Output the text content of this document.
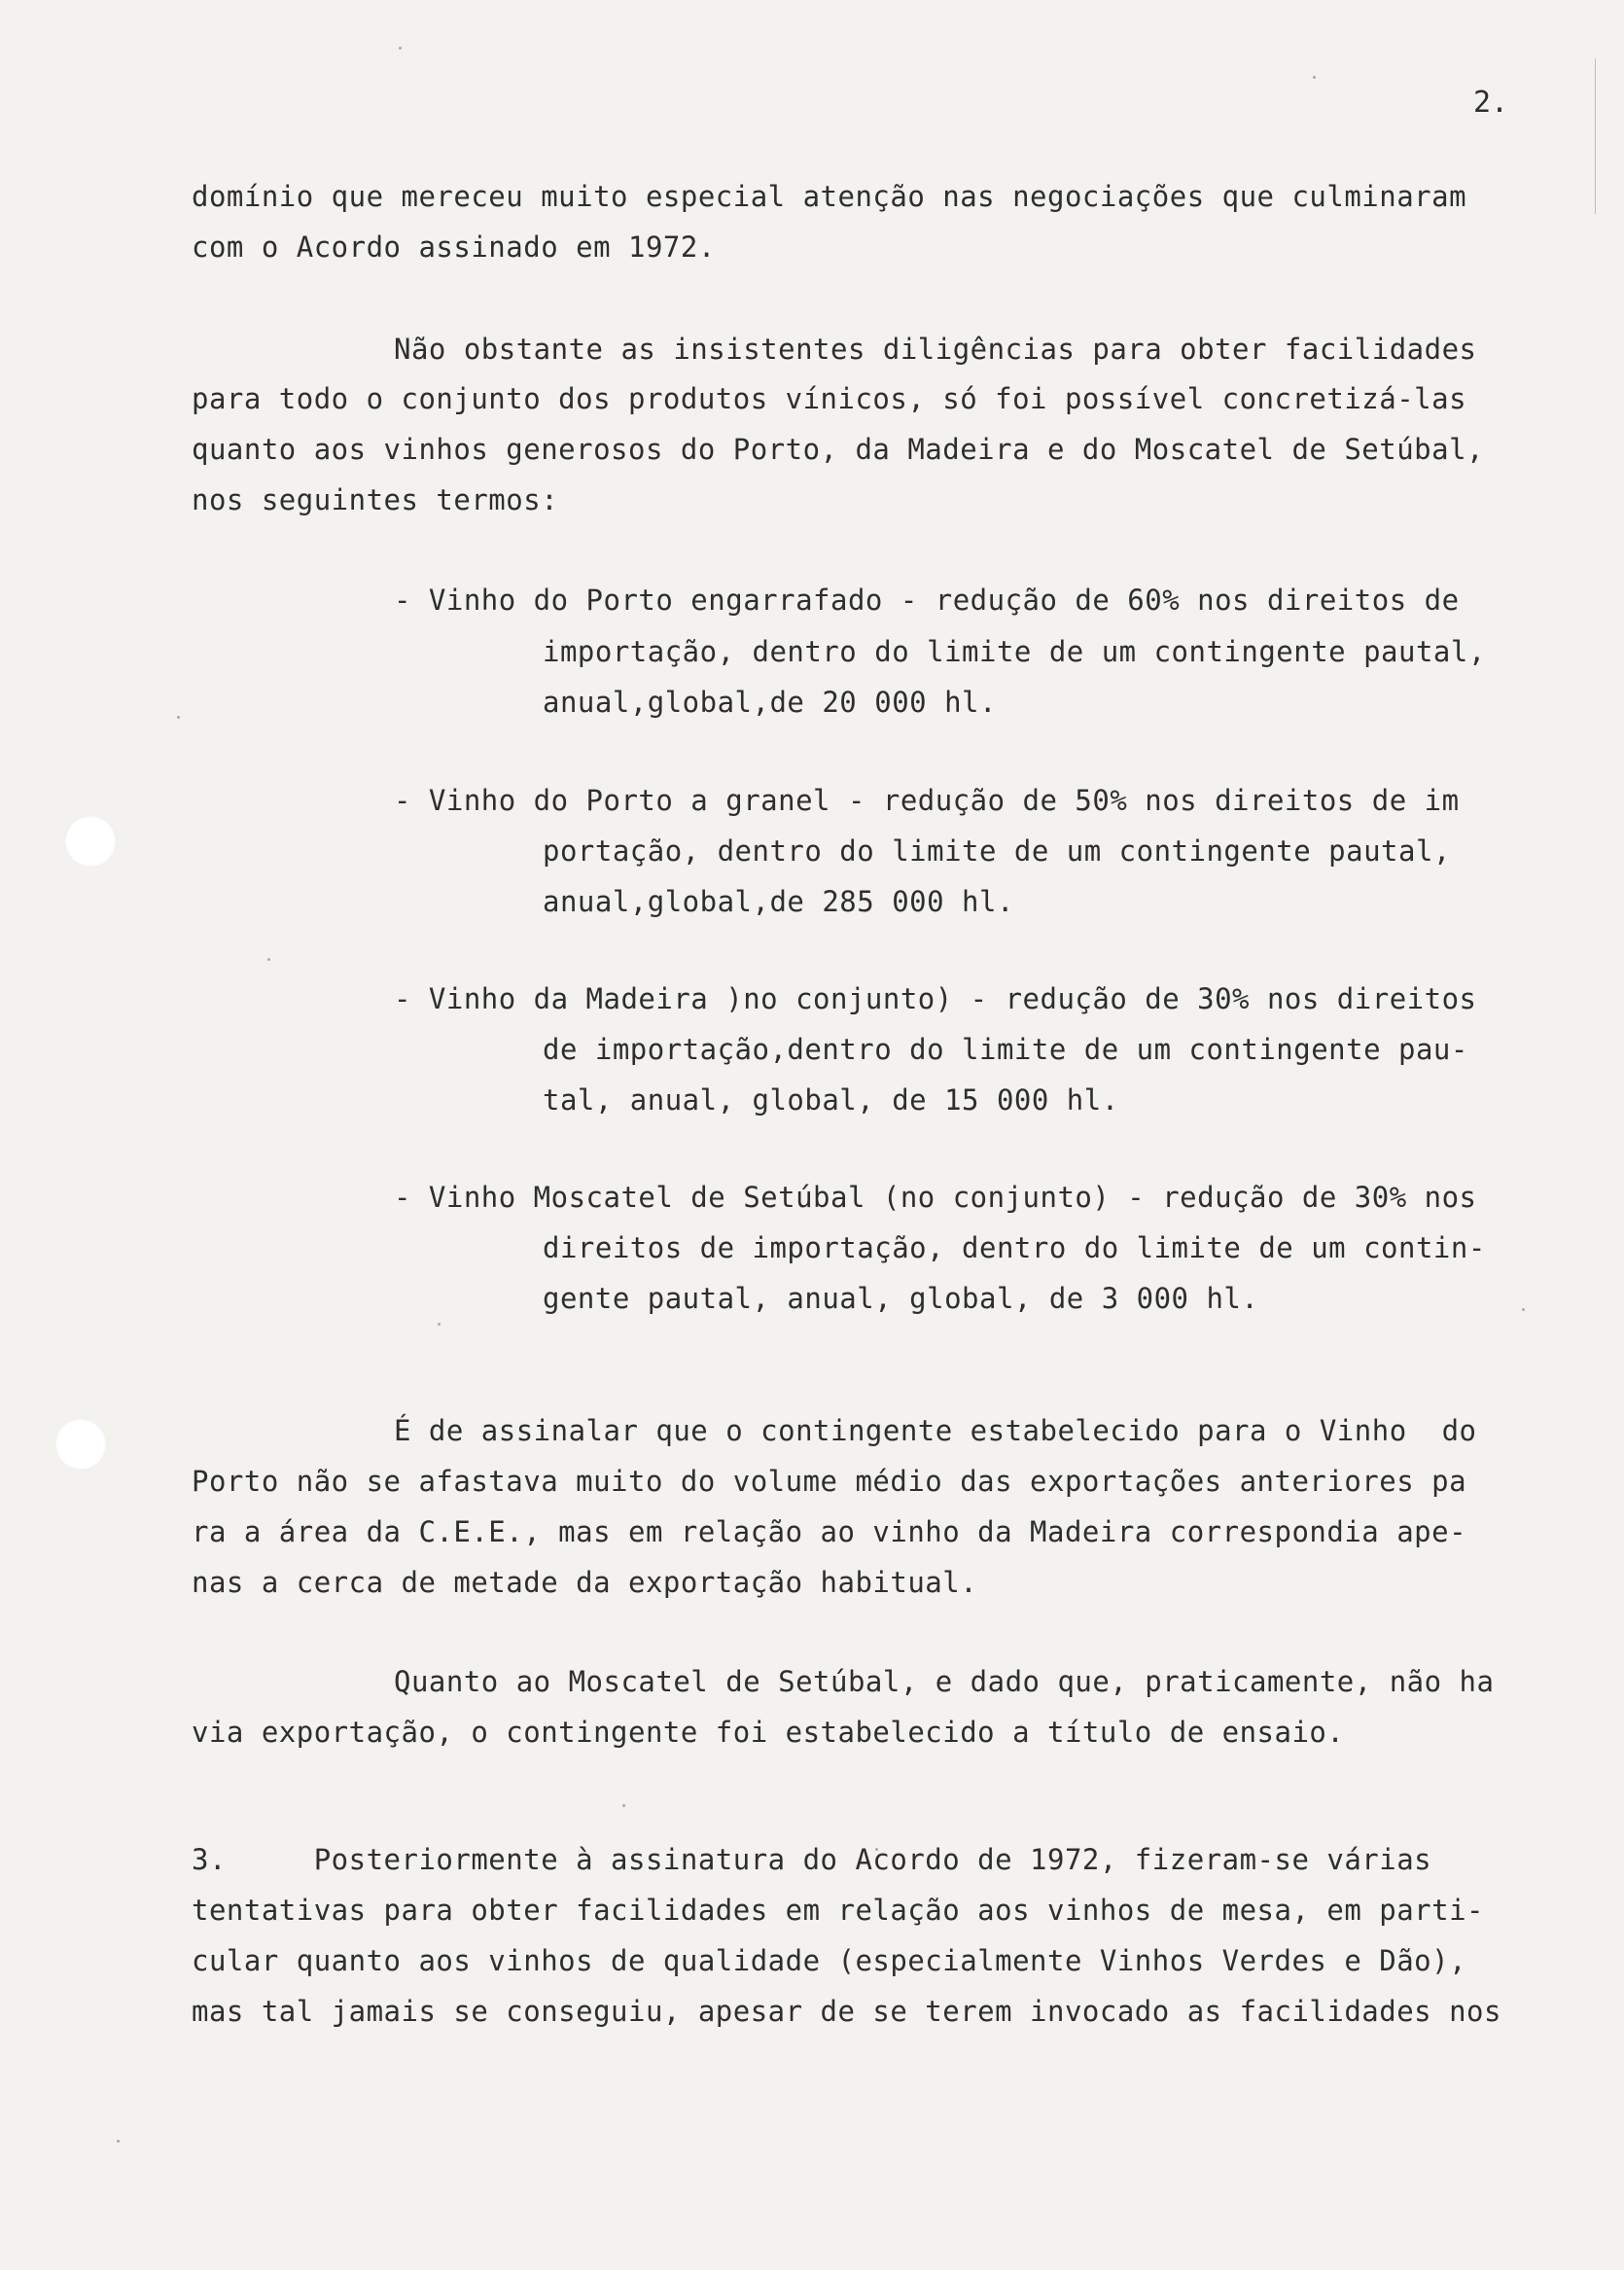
2.
domínio que mereceu muito especial atenção nas negociações que culminaram
com o Acordo assinado em 1972.
Não obstante as insistentes diligências para obter facilidades
para todo o conjunto dos produtos vínicos, só foi possível concretizá-las
quanto aos vinhos generosos do Porto, da Madeira e do Moscatel de Setúbal,
nos seguintes termos:
- Vinho do Porto engarrafado - redução de 60% nos direitos de
importação, dentro do limite de um contingente pautal,
anual,global,de 20 000 hl.
- Vinho do Porto a granel - redução de 50% nos direitos de im
portação, dentro do limite de um contingente pautal,
anual,global,de 285 000 hl.
- Vinho da Madeira )no conjunto) - redução de 30% nos direitos
de importação,dentro do limite de um contingente pau-
tal, anual, global, de 15 000 hl.
- Vinho Moscatel de Setúbal (no conjunto) - redução de 30% nos
direitos de importação, dentro do limite de um contin-
gente pautal, anual, global, de 3 000 hl.
É de assinalar que o contingente estabelecido para o Vinho  do
Porto não se afastava muito do volume médio das exportações anteriores pa
ra a área da C.E.E., mas em relação ao vinho da Madeira correspondia ape-
nas a cerca de metade da exportação habitual.
Quanto ao Moscatel de Setúbal, e dado que, praticamente, não ha
via exportação, o contingente foi estabelecido a título de ensaio.
3.     Posteriormente à assinatura do Acordo de 1972, fizeram-se várias
tentativas para obter facilidades em relação aos vinhos de mesa, em parti-
cular quanto aos vinhos de qualidade (especialmente Vinhos Verdes e Dão),
mas tal jamais se conseguiu, apesar de se terem invocado as facilidades nos
